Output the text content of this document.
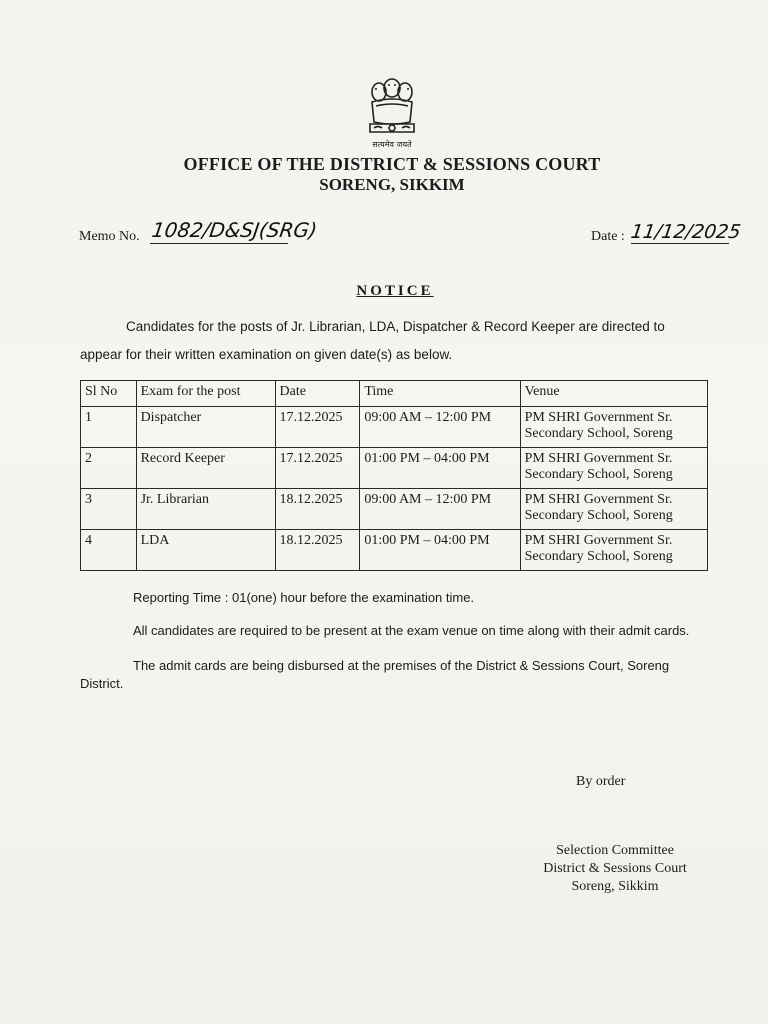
सत्यमेव जयते
OFFICE OF THE DISTRICT & SESSIONS COURT
SORENG, SIKKIM
Memo No. 1082/D&SJ(SRG)	Date : 11/12/2025
NOTICE
Candidates for the posts of Jr. Librarian, LDA, Dispatcher & Record Keeper are directed to appear for their written examination on given date(s) as below.
Sl No	Exam for the post	Date	Time	Venue
1	Dispatcher	17.12.2025	09:00 AM – 12:00 PM	PM SHRI Government Sr. Secondary School, Soreng
2	Record Keeper	17.12.2025	01:00 PM – 04:00 PM	PM SHRI Government Sr. Secondary School, Soreng
3	Jr. Librarian	18.12.2025	09:00 AM – 12:00 PM	PM SHRI Government Sr. Secondary School, Soreng
4	LDA	18.12.2025	01:00 PM – 04:00 PM	PM SHRI Government Sr. Secondary School, Soreng
Reporting Time : 01(one) hour before the examination time.
All candidates are required to be present at the exam venue on time along with their admit cards.
The admit cards are being disbursed at the premises of the District & Sessions Court, Soreng District.
By order
Selection Committee
District & Sessions Court
Soreng, Sikkim
